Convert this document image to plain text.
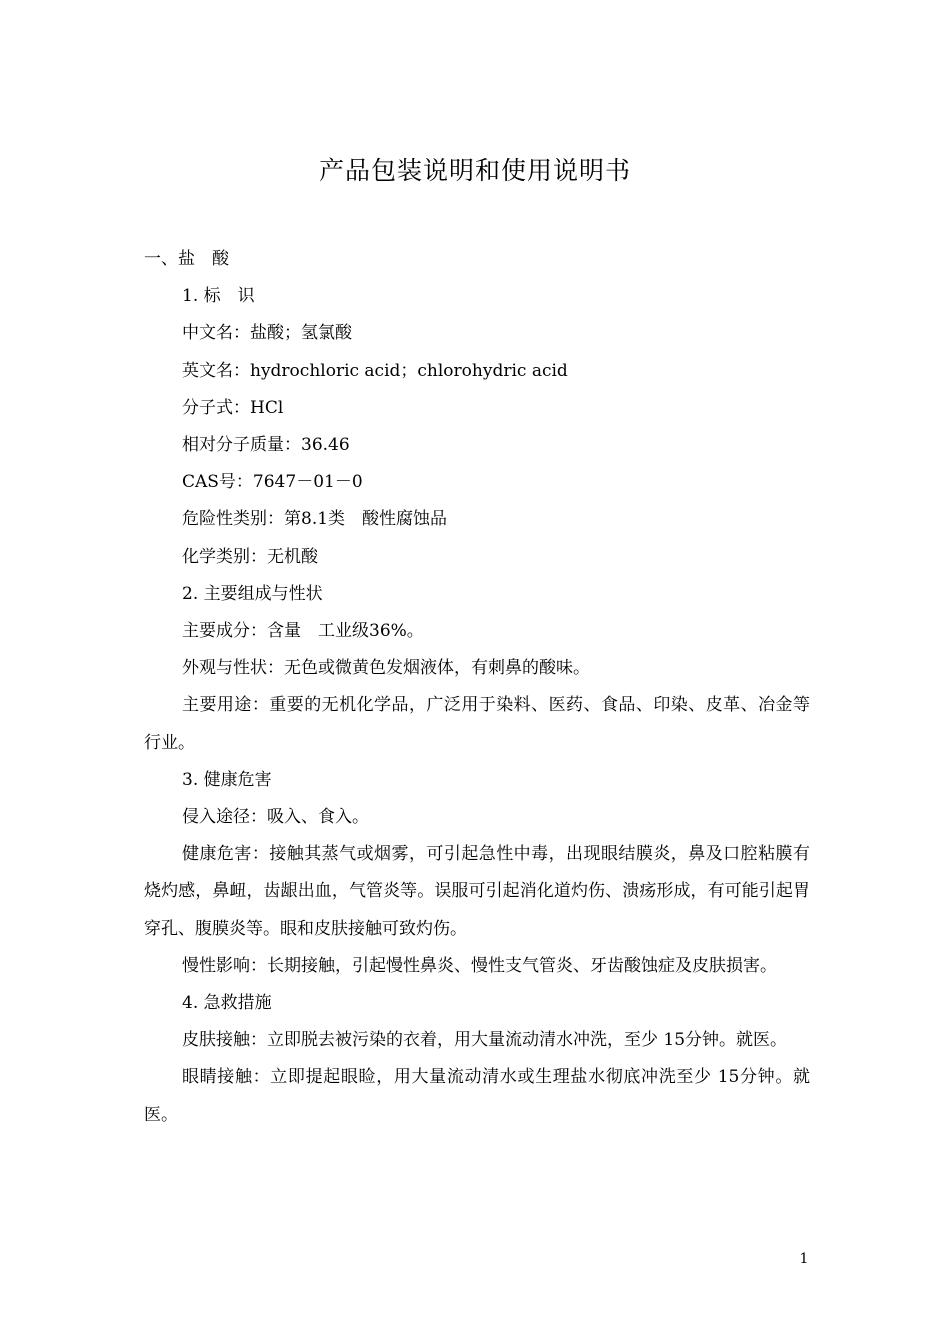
产品包装说明和使用说明书

一、盐　酸

1. 标　识

中文名：盐酸；氢氯酸

英文名：hydrochloric acid；chlorohydric acid

分子式：HCl

相对分子质量：36.46

CAS号：7647－01－0

危险性类别：第8.1类　酸性腐蚀品

化学类别：无机酸

2. 主要组成与性状

主要成分：含量　工业级36%。

外观与性状：无色或微黄色发烟液体，有刺鼻的酸味。

主要用途：重要的无机化学品，广泛用于染料、医药、食品、印染、皮革、冶金等行业。

3. 健康危害

侵入途径：吸入、食入。

健康危害：接触其蒸气或烟雾，可引起急性中毒，出现眼结膜炎，鼻及口腔粘膜有烧灼感，鼻衄，齿龈出血，气管炎等。误服可引起消化道灼伤、溃疡形成，有可能引起胃穿孔、腹膜炎等。眼和皮肤接触可致灼伤。

慢性影响：长期接触，引起慢性鼻炎、慢性支气管炎、牙齿酸蚀症及皮肤损害。

4. 急救措施

皮肤接触：立即脱去被污染的衣着，用大量流动清水冲洗，至少 15分钟。就医。

眼睛接触：立即提起眼睑，用大量流动清水或生理盐水彻底冲洗至少 15分钟。就医。

1
